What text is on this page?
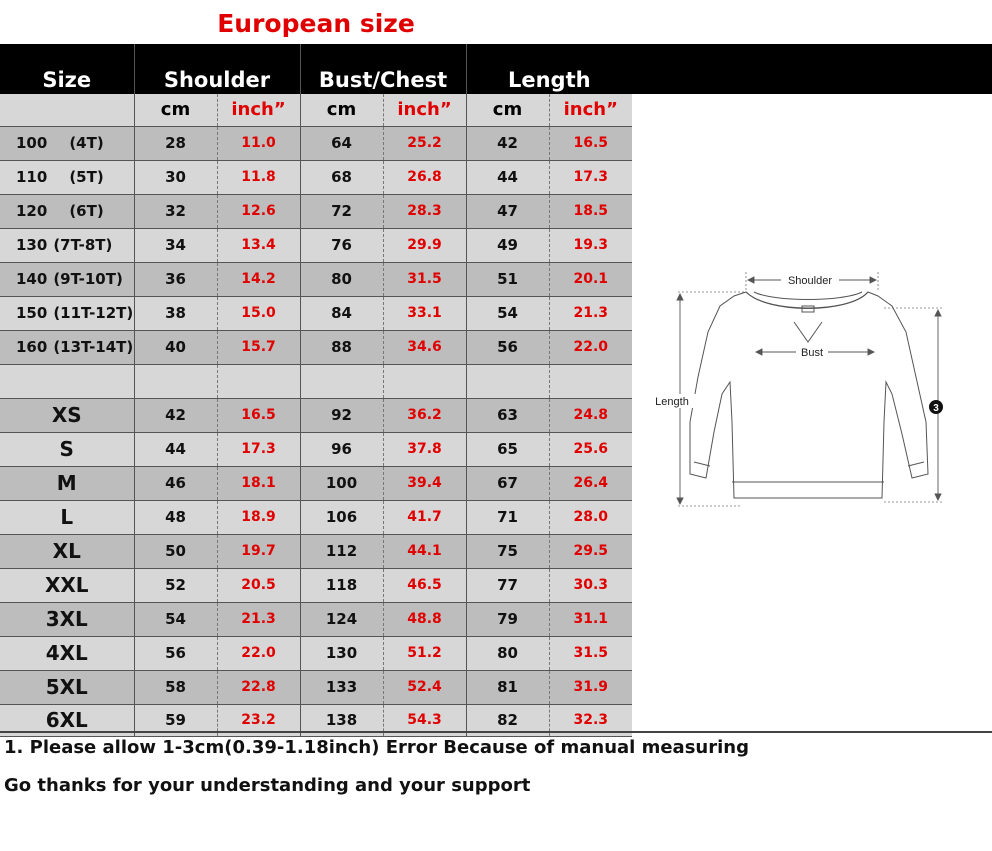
European size
Size	Shoulder		Bust/Chest		Length	
	cm	inch”	cm	inch”	cm	inch”
100 (4T)	28	11.0	64	25.2	42	16.5
110 (5T)	30	11.8	68	26.8	44	17.3
120 (6T)	32	12.6	72	28.3	47	18.5
130 (7T-8T)	34	13.4	76	29.9	49	19.3
140 (9T-10T)	36	14.2	80	31.5	51	20.1
150 (11T-12T)	38	15.0	84	33.1	54	21.3
160 (13T-14T)	40	15.7	88	34.6	56	22.0

XS	42	16.5	92	36.2	63	24.8
S	44	17.3	96	37.8	65	25.6
M	46	18.1	100	39.4	67	26.4
L	48	18.9	106	41.7	71	28.0
XL	50	19.7	112	44.1	75	29.5
XXL	52	20.5	118	46.5	77	30.3
3XL	54	21.3	124	48.8	79	31.1
4XL	56	22.0	130	51.2	80	31.5
5XL	58	22.8	133	52.4	81	31.9
6XL	59	23.2	138	54.3	82	32.3
Shoulder
Bust
Length
3
1. Please allow 1-3cm(0.39-1.18inch) Error Because of manual measuring
Go thanks for your understanding and your support
